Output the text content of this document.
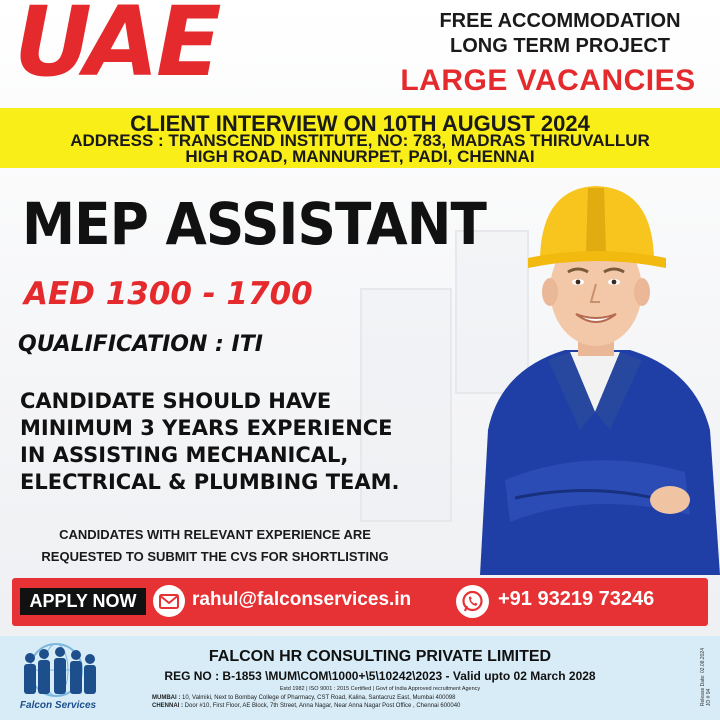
UAE	FREE ACCOMMODATION
LONG TERM PROJECT
LARGE VACANCIES
CLIENT INTERVIEW ON 10TH AUGUST 2024
ADDRESS : TRANSCEND INSTITUTE, NO: 783, MADRAS THIRUVALLUR
HIGH ROAD, MANNURPET, PADI, CHENNAI
MEP ASSISTANT
AED 1300 - 1700
QUALIFICATION : ITI
CANDIDATE SHOULD HAVE
MINIMUM 3 YEARS EXPERIENCE
IN ASSISTING MECHANICAL,
ELECTRICAL & PLUMBING TEAM.
CANDIDATES WITH RELEVANT EXPERIENCE ARE
REQUESTED TO SUBMIT THE CVS FOR SHORTLISTING
APPLY NOW	rahul@falconservices.in	+91 93219 73246
Falcon Services
FALCON HR CONSULTING PRIVATE LIMITED
REG NO : B-1853 \MUM\COM\1000+\5\10242\2023 - Valid upto 02 March 2028
Estd 1982 | ISO 9001 : 2015 Certified | Govt of India Approved recruitment Agency
MUMBAI : 10, Valmiki, Next to Bombay College of Pharmacy, CST Road, Kalina, Santacruz East, Mumbai 400098
CHENNAI : Door #10, First Floor, AE Block, 7th Street, Anna Nagar, Near Anna Nagar Post Office , Chennai 600040	Release Date: 02.08.2024 JO # 94
